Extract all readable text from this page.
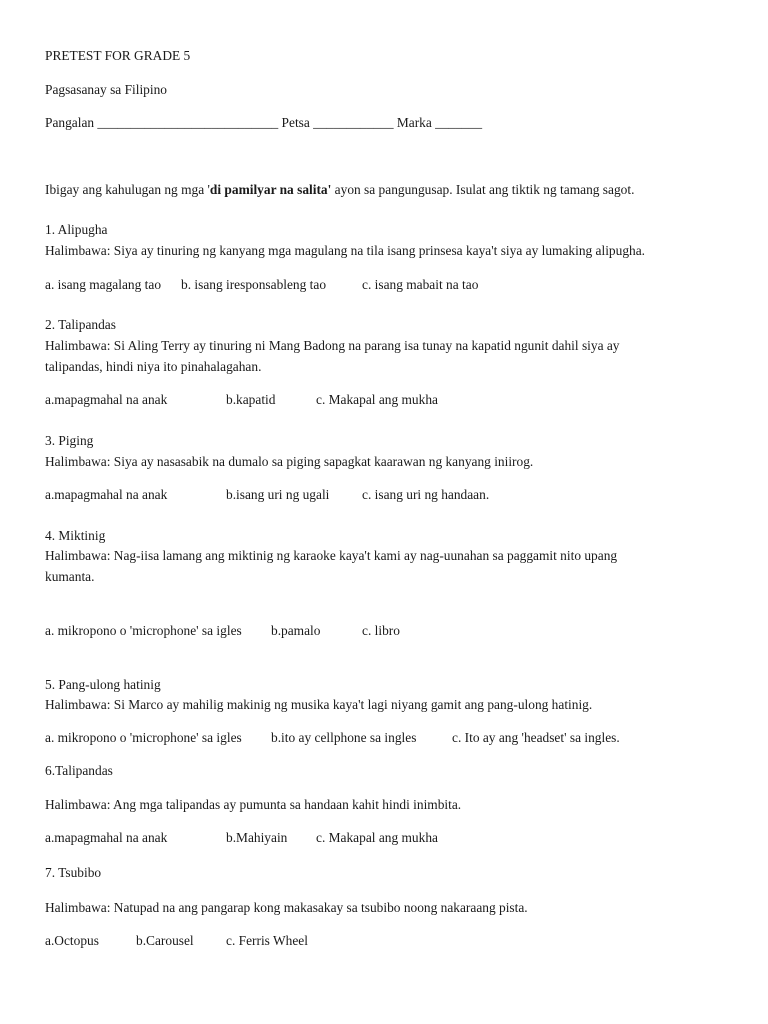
PRETEST FOR GRADE 5
Pagsasanay sa Filipino
Pangalan ___________________________ Petsa ____________ Marka _______
Ibigay ang kahulugan ng mga 'di pamilyar na salita' ayon sa pangungusap. Isulat ang tiktik ng tamang sagot.
1. Alipugha
Halimbawa: Siya ay tinuring ng kanyang mga magulang na tila isang prinsesa kaya't siya ay lumaking alipugha.
a. isang magalang tao b. isang iresponsableng tao	c. isang mabait na tao
2. Talipandas
Halimbawa: Si Aling Terry ay tinuring ni Mang Badong na parang isa tunay na kapatid ngunit dahil siya ay
talipandas, hindi niya ito pinahalagahan.
a.mapagmahal na anak	b.kapatid	c. Makapal ang mukha
3. Piging
Halimbawa: Siya ay nasasabik na dumalo sa piging sapagkat kaarawan ng kanyang iniirog.
a.mapagmahal na anak	b.isang uri ng ugali c. isang uri ng handaan.
4. Miktinig
Halimbawa: Nag-iisa lamang ang miktinig ng karaoke kaya't kami ay nag-uunahan sa paggamit nito upang
kumanta.
a. mikropono o 'microphone' sa igles b.pamalo	c. libro
5. Pang-ulong hatinig
Halimbawa: Si Marco ay mahilig makinig ng musika kaya't lagi niyang gamit ang pang-ulong hatinig.
a. mikropono o 'microphone' sa igles b.ito ay cellphone sa ingles	c. Ito ay ang 'headset' sa ingles.
6.Talipandas
Halimbawa: Ang mga talipandas ay pumunta sa handaan kahit hindi inimbita.
a.mapagmahal na anak	b.Mahiyain c. Makapal ang mukha
7. Tsubibo
Halimbawa: Natupad na ang pangarap kong makasakay sa tsubibo noong nakaraang pista.
a.Octopus	b.Carousel c. Ferris Wheel
